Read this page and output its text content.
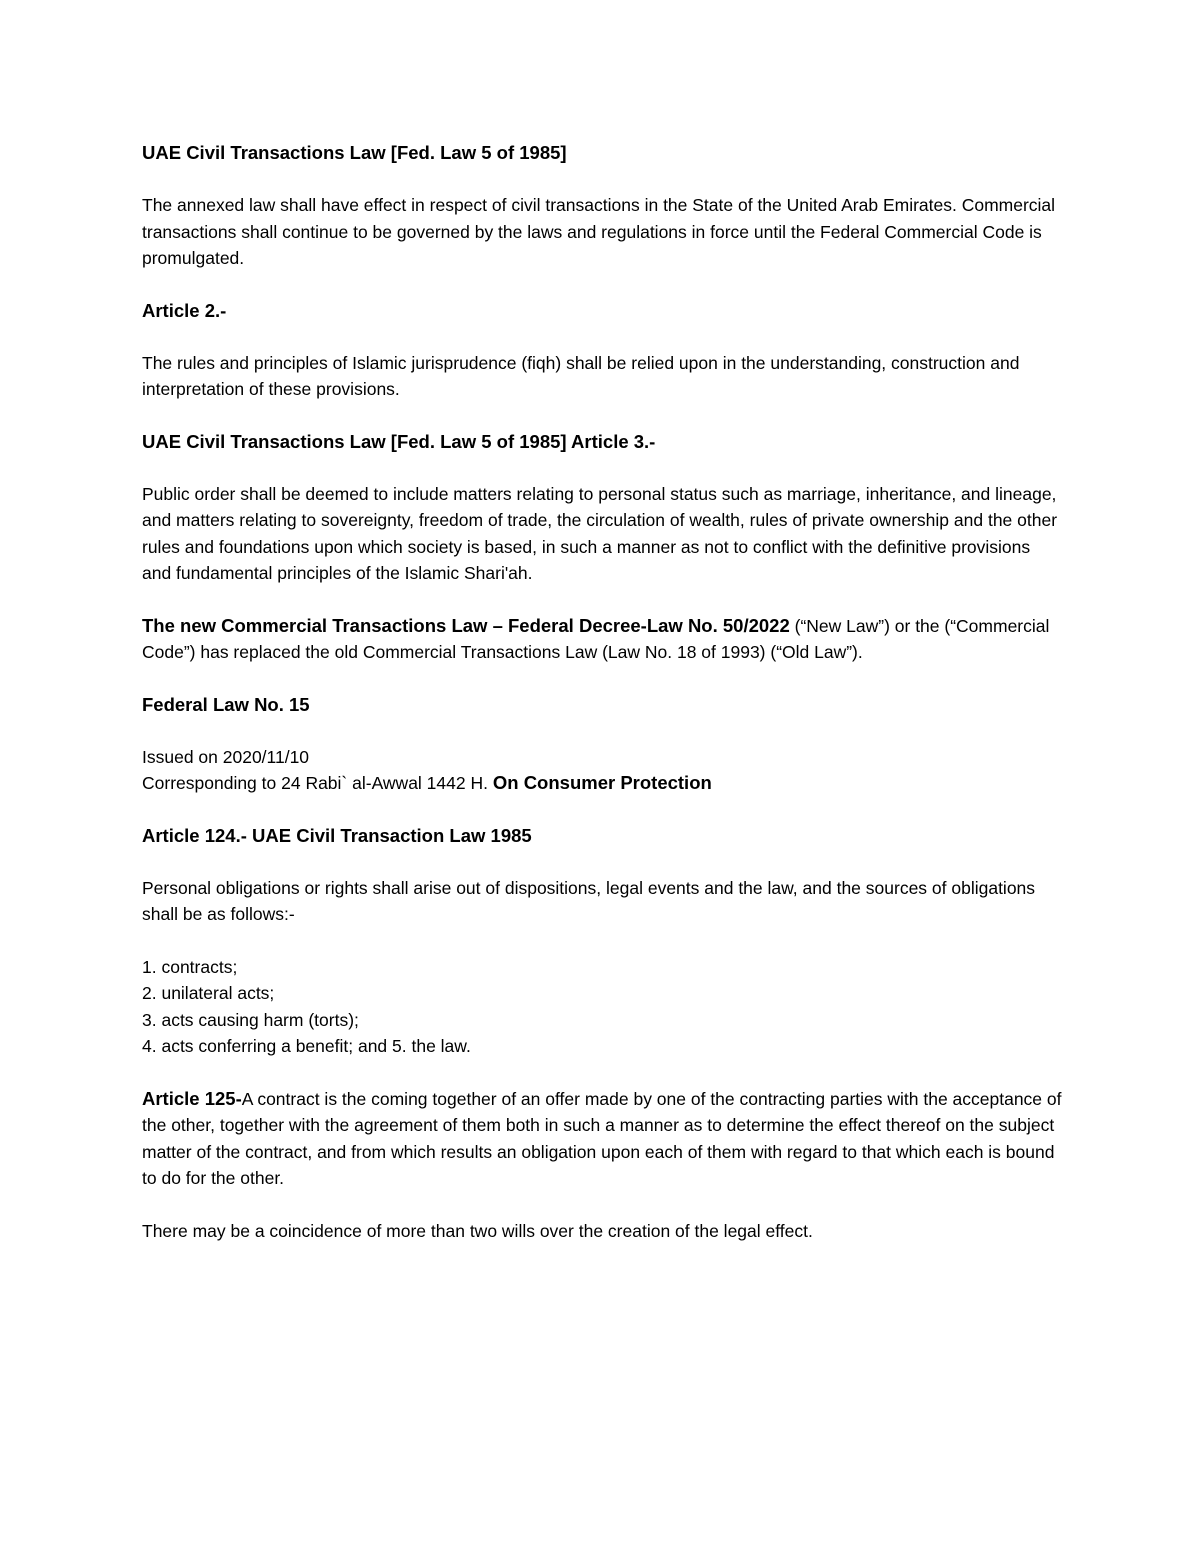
UAE Civil Transactions Law [Fed. Law 5 of 1985]
The annexed law shall have effect in respect of civil transactions in the State of the United Arab Emirates. Commercial transactions shall continue to be governed by the laws and regulations in force until the Federal Commercial Code is promulgated.
Article 2.-
The rules and principles of Islamic jurisprudence (fiqh) shall be relied upon in the understanding, construction and interpretation of these provisions.
UAE Civil Transactions Law [Fed. Law 5 of 1985] Article 3.-
Public order shall be deemed to include matters relating to personal status such as marriage, inheritance, and lineage, and matters relating to sovereignty, freedom of trade, the circulation of wealth, rules of private ownership and the other rules and foundations upon which society is based, in such a manner as not to conflict with the definitive provisions and fundamental principles of the Islamic Shari'ah.
The new Commercial Transactions Law – Federal Decree-Law No. 50/2022 (“New Law”) or the (“Commercial Code”) has replaced the old Commercial Transactions Law (Law No. 18 of 1993) (“Old Law”).
Federal Law No. 15
Issued on 2020/11/10
Corresponding to 24 Rabi` al-Awwal 1442 H. On Consumer Protection
Article 124.- UAE Civil Transaction Law 1985
Personal obligations or rights shall arise out of dispositions, legal events and the law, and the sources of obligations shall be as follows:-
1. contracts;
2. unilateral acts;
3. acts causing harm (torts);
4. acts conferring a benefit; and 5. the law.
Article 125-A contract is the coming together of an offer made by one of the contracting parties with the acceptance of the other, together with the agreement of them both in such a manner as to determine the effect thereof on the subject matter of the contract, and from which results an obligation upon each of them with regard to that which each is bound to do for the other.
There may be a coincidence of more than two wills over the creation of the legal effect.
